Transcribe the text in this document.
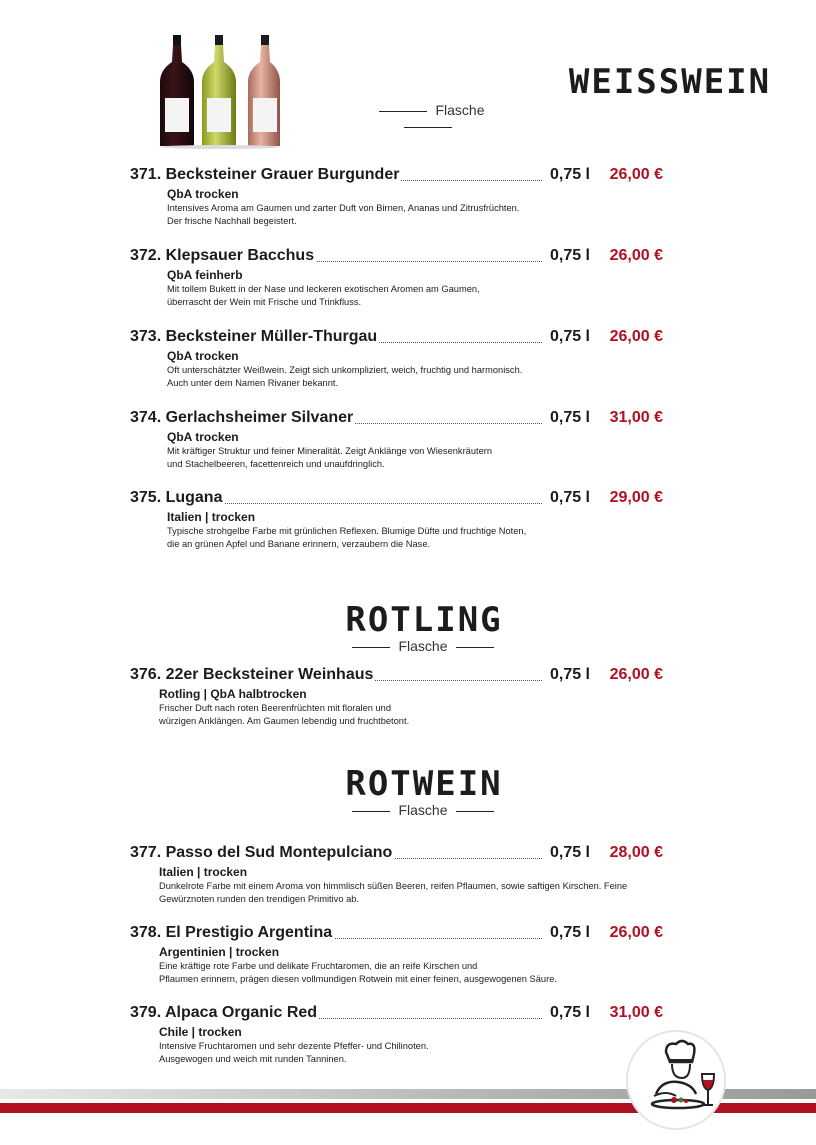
WEISSWEIN
Flasche
371. Becksteiner Grauer Burgunder	0,75 l 26,00 €
QbA trocken
Intensives Aroma am Gaumen und zarter Duft von Birnen, Ananas und Zitrusfrüchten.
Der frische Nachhall begeistert.
372. Klepsauer Bacchus	0,75 l 26,00 €
QbA feinherb
Mit tollem Bukett in der Nase und leckeren exotischen Aromen am Gaumen,
überrascht der Wein mit Frische und Trinkfluss.
373. Becksteiner Müller-Thurgau	0,75 l 26,00 €
QbA trocken
Oft unterschätzter Weißwein. Zeigt sich unkompliziert, weich, fruchtig und harmonisch.
Auch unter dem Namen Rivaner bekannt.
374. Gerlachsheimer Silvaner	0,75 l 31,00 €
QbA trocken
Mit kräftiger Struktur und feiner Mineralität. Zeigt Anklänge von Wiesenkräutern
und Stachelbeeren, facettenreich und unaufdringlich.
375. Lugana	0,75 l 29,00 €
Italien | trocken
Typische strohgelbe Farbe mit grünlichen Reflexen. Blumige Düfte und fruchtige Noten,
die an grünen Apfel und Banane erinnern, verzaubern die Nase.
ROTLING
Flasche
376. 22er Becksteiner Weinhaus	0,75 l 26,00 €
Rotling | QbA halbtrocken
Frischer Duft nach roten Beerenfrüchten mit floralen und
würzigen Anklängen. Am Gaumen lebendig und fruchtbetont.
ROTWEIN
Flasche
377. Passo del Sud Montepulciano	0,75 l 28,00 €
Italien | trocken
Dunkelrote Farbe mit einem Aroma von himmlisch süßen Beeren, reifen Pflaumen, sowie saftigen Kirschen. Feine
Gewürznoten runden den trendigen Primitivo ab.
378. El Prestigio Argentina	0,75 l 26,00 €
Argentinien | trocken
Eine kräftige rote Farbe und delikate Fruchtaromen, die an reife Kirschen und
Pflaumen erinnern, prägen diesen vollmundigen Rotwein mit einer feinen, ausgewogenen Säure.
379. Alpaca Organic Red	0,75 l 31,00 €
Chile | trocken
Intensive Fruchtaromen und sehr dezente Pfeffer- und Chilinoten.
Ausgewogen und weich mit runden Tanninen.
